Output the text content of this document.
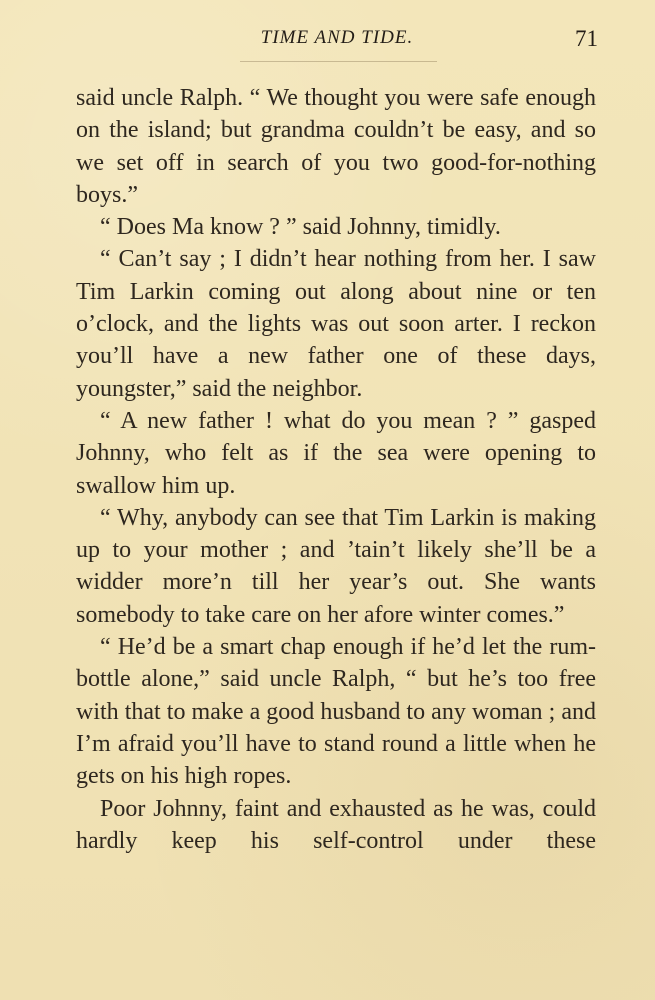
TIME AND TIDE.	71

said uncle Ralph. “ We thought you were safe enough on the island; but grandma couldn’t be easy, and so we set off in search of you two good-for-nothing boys.”

“ Does Ma know ? ” said Johnny, timidly.

“ Can’t say ; I didn’t hear nothing from her. I saw Tim Larkin coming out along about nine or ten o’clock, and the lights was out soon arter. I reckon you’ll have a new father one of these days, youngster,” said the neighbor.

“ A new father ! what do you mean ? ” gasped Johnny, who felt as if the sea were opening to swallow him up.

“ Why, anybody can see that Tim Larkin is making up to your mother ; and ’tain’t likely she’ll be a widder more’n till her year’s out. She wants somebody to take care on her afore winter comes.”

“ He’d be a smart chap enough if he’d let the rum-bottle alone,” said uncle Ralph, “ but he’s too free with that to make a good husband to any woman ; and I’m afraid you’ll have to stand round a little when he gets on his high ropes.

Poor Johnny, faint and exhausted as he was, could hardly keep his self-control under these
